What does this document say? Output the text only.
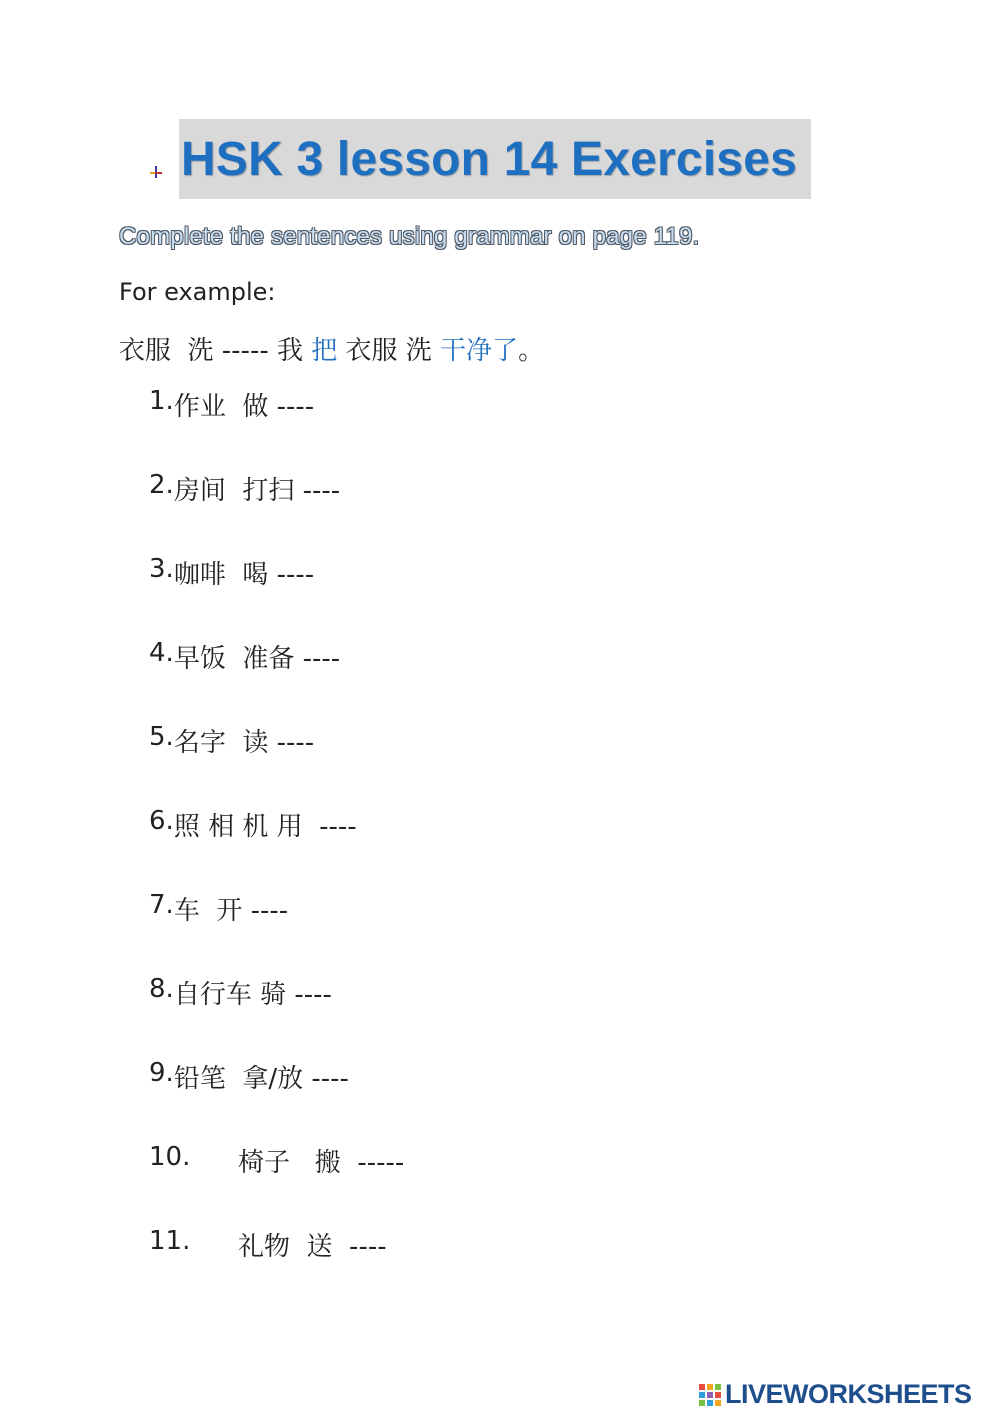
HSK 3 lesson 14 Exercises
Complete the sentences using grammar on page 119.
For example:
衣服  洗 ----- 我 把 衣服 洗 干净了。
1. 作业  做 ----
2. 房间  打扫 ----
3. 咖啡  喝 ----
4. 早饭  准备 ----
5. 名字  读 ----
6. 照 相 机 用  ----
7. 车  开 ----
8. 自行车 骑 ----
9. 铅笔  拿/放 ----
10.	椅子   搬  -----
11.	礼物  送  ----
LIVEWORKSHEETS
